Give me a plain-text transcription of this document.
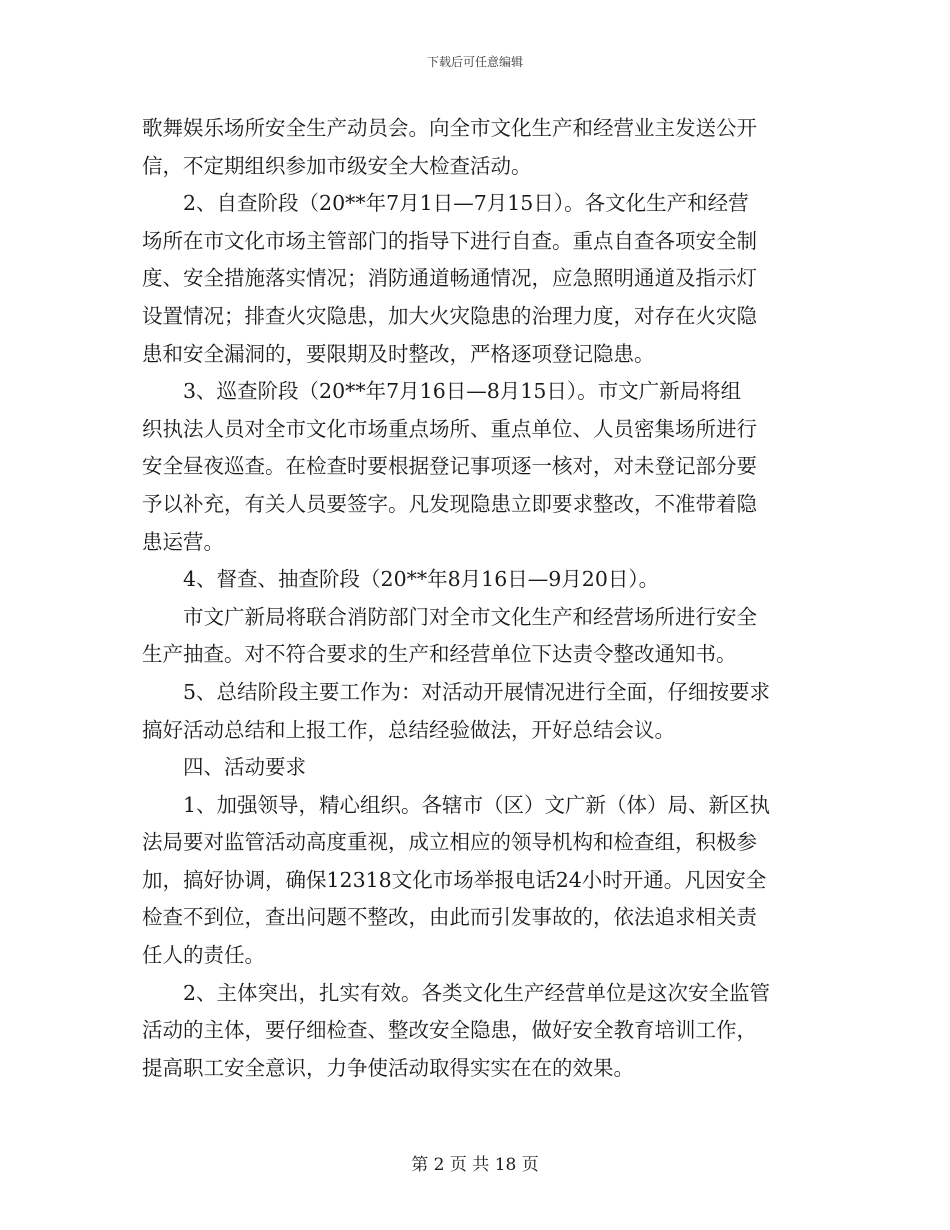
下载后可任意编辑
歌舞娱乐场所安全生产动员会。向全市文化生产和经营业主发送公开
信，不定期组织参加市级安全大检查活动。
2、自查阶段（20**年7月1日—7月15日）。各文化生产和经营
场所在市文化市场主管部门的指导下进行自查。重点自查各项安全制
度、安全措施落实情况；消防通道畅通情况，应急照明通道及指示灯
设置情况；排查火灾隐患，加大火灾隐患的治理力度，对存在火灾隐
患和安全漏洞的，要限期及时整改，严格逐项登记隐患。
3、巡查阶段（20**年7月16日—8月15日）。市文广新局将组
织执法人员对全市文化市场重点场所、重点单位、人员密集场所进行
安全昼夜巡查。在检查时要根据登记事项逐一核对，对未登记部分要
予以补充，有关人员要签字。凡发现隐患立即要求整改，不准带着隐
患运营。
4、督查、抽查阶段（20**年8月16日—9月20日）。
市文广新局将联合消防部门对全市文化生产和经营场所进行安全
生产抽查。对不符合要求的生产和经营单位下达责令整改通知书。
5、总结阶段主要工作为：对活动开展情况进行全面，仔细按要求
搞好活动总结和上报工作，总结经验做法，开好总结会议。
四、活动要求
1、加强领导，精心组织。各辖市（区）文广新（体）局、新区执
法局要对监管活动高度重视，成立相应的领导机构和检查组，积极参
加，搞好协调，确保12318文化市场举报电话24小时开通。凡因安全
检查不到位，查出问题不整改，由此而引发事故的，依法追求相关责
任人的责任。
2、主体突出，扎实有效。各类文化生产经营单位是这次安全监管
活动的主体，要仔细检查、整改安全隐患，做好安全教育培训工作，
提高职工安全意识，力争使活动取得实实在在的效果。
第 2 页 共 18 页
